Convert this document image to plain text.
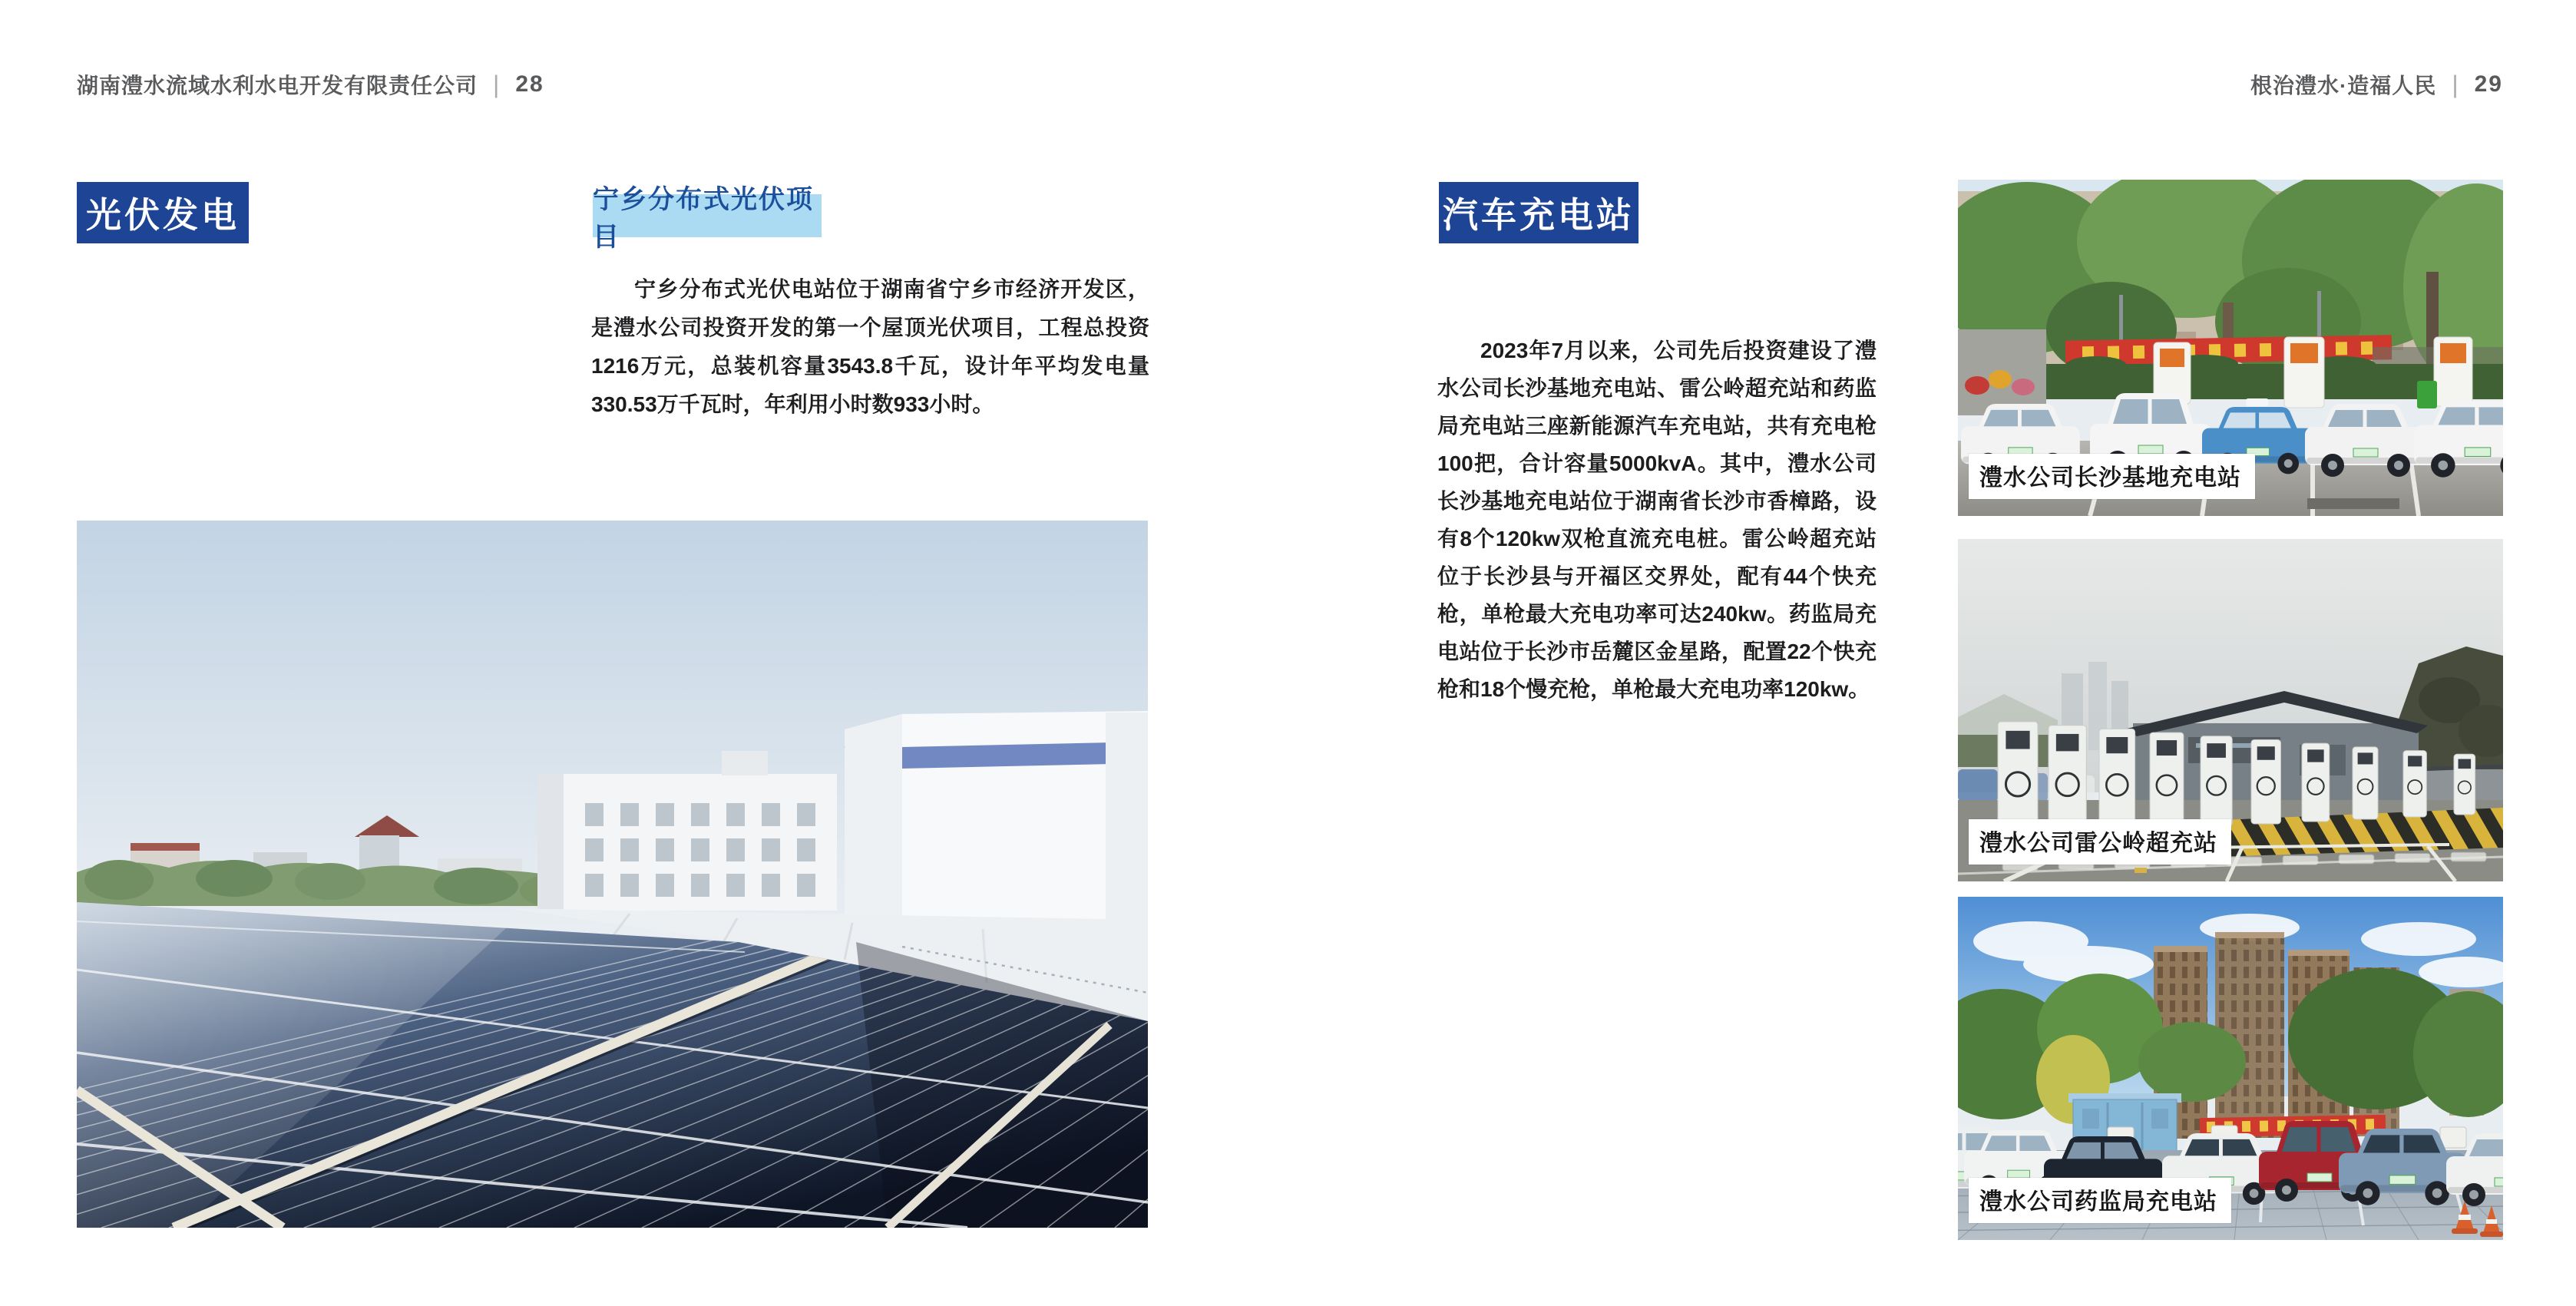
湖南澧水流域水利水电开发有限责任公司 | 28	根治澧水·造福人民 | 29
光伏发电	宁乡分布式光伏项目
宁乡分布式光伏电站位于湖南省宁乡市经济开发区，是澧水公司投资开发的第一个屋顶光伏项目，工程总投资1216万元，总装机容量3543.8千瓦，设计年平均发电量330.53万千瓦时，年利用小时数933小时。
汽车充电站
2023年7月以来，公司先后投资建设了澧水公司长沙基地充电站、雷公岭超充站和药监局充电站三座新能源汽车充电站，共有充电枪100把，合计容量5000kvA。其中，澧水公司长沙基地充电站位于湖南省长沙市香樟路，设有8个120kw双枪直流充电桩。雷公岭超充站位于长沙县与开福区交界处，配有44个快充枪，单枪最大充电功率可达240kw。药监局充电站位于长沙市岳麓区金星路，配置22个快充枪和18个慢充枪，单枪最大充电功率120kw。
澧水公司长沙基地充电站
澧水公司雷公岭超充站
澧水公司药监局充电站
